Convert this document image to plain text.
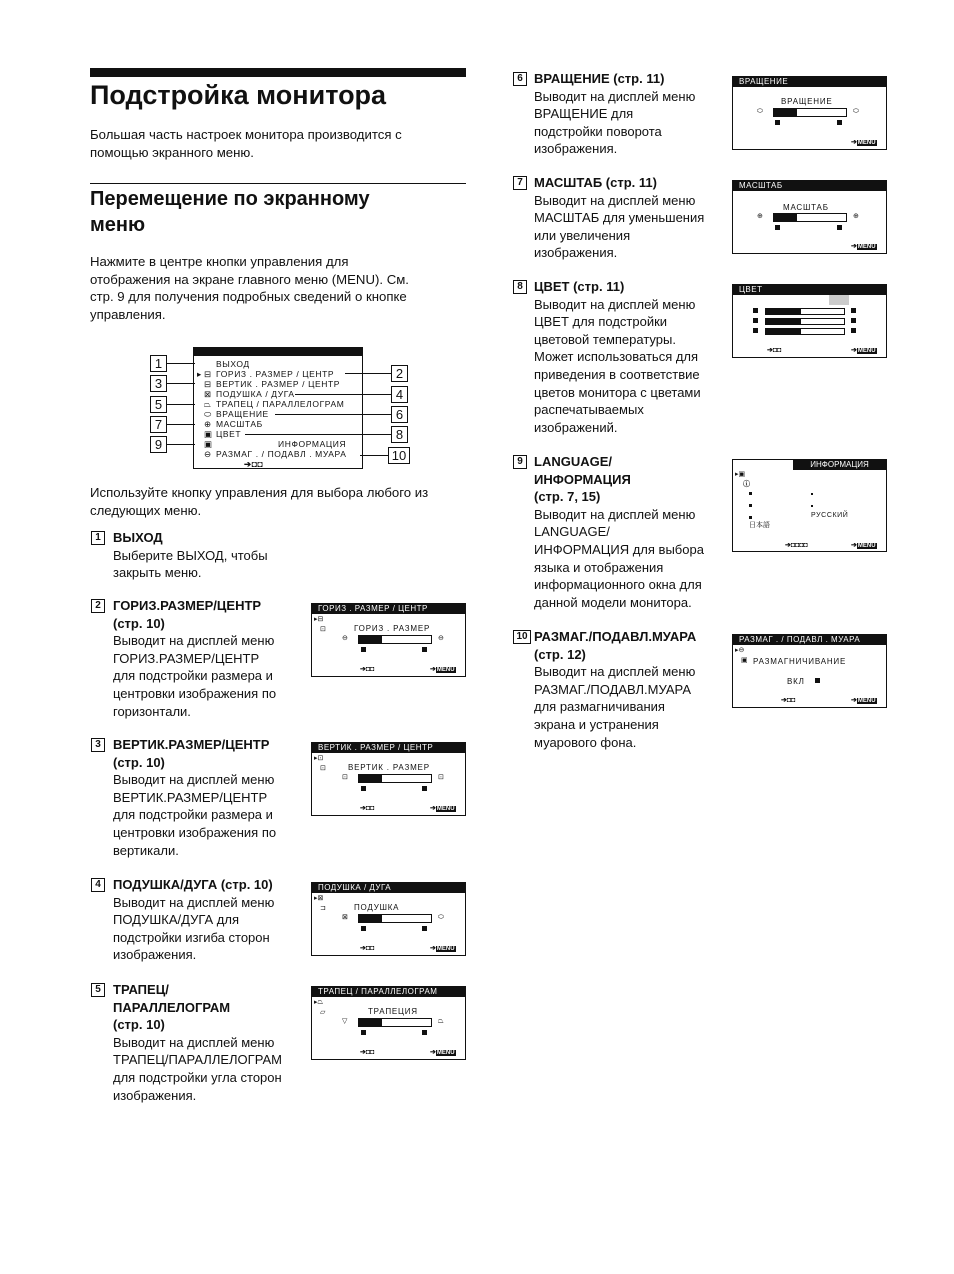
Подстройка монитора
Большая часть настроек монитора производится с помощью экранного меню.
Перемещение по экранному
меню
Нажмите в центре кнопки управления для
отображения на экране главного меню (MENU). См.
стр. 9 для получения подробных сведений о кнопке
управления.
ВЫХОД
ГОРИЗ . РАЗМЕР / ЦЕНТР
ВЕРТИК . РАЗМЕР / ЦЕНТР
ПОДУШКА / ДУГА
ТРАПЕЦ / ПАРАЛЛЕЛОГРАМ
ВРАЩЕНИЕ
МАСШТАБ
ЦВЕТ
ИНФОРМАЦИЯ
РАЗМАГ . / ПОДАВЛ . МУАРА
➔◘◘
▸ ⊟
⊟
⊠
⏢
⬭
⊕
▣
▣
⊖
1
3
5
7
9
2
4
6
8
10
Используйте кнопку управления для выбора любого из
следующих меню.
1 ВЫХОД
Выберите ВЫХОД, чтобы
закрыть меню.
2 ГОРИЗ.РАЗМЕР/ЦЕНТР
(стр. 10)
Выводит на дисплей меню
ГОРИЗ.РАЗМЕР/ЦЕНТР
для подстройки размера и
центровки изображения по
горизонтали.
ГОРИЗ . РАЗМЕР / ЦЕНТР
▸⊟
⊡	ГОРИЗ . РАЗМЕР
⊖	⊖
➔◘◘	➔MENU
3 ВЕРТИК.РАЗМЕР/ЦЕНТР
(стр. 10)
Выводит на дисплей меню
ВЕРТИК.РАЗМЕР/ЦЕНТР
для подстройки размера и
центровки изображения по
вертикали.
ВЕРТИК . РАЗМЕР / ЦЕНТР
▸⊡
⊡	ВЕРТИК . РАЗМЕР
⊡	⊡
➔◘◘	➔MENU
4 ПОДУШКА/ДУГА (стр. 10)
Выводит на дисплей меню
ПОДУШКА/ДУГА для
подстройки изгиба сторон
изображения.
ПОДУШКА / ДУГА
▸⊠
⊐	ПОДУШКА
⊠	⬭
➔◘◘	➔MENU
5 ТРАПЕЦ/
ПАРАЛЛЕЛОГРАМ
(стр. 10)
Выводит на дисплей меню
ТРАПЕЦ/ПАРАЛЛЕЛОГРАМ
для подстройки угла сторон
изображения.
ТРАПЕЦ / ПАРАЛЛЕЛОГРАМ
▸⏢
▱	ТРАПЕЦИЯ
▽	⏢
➔◘◘	➔MENU
6 ВРАЩЕНИЕ (стр. 11)
Выводит на дисплей меню
ВРАЩЕНИЕ для
подстройки поворота
изображения.
ВРАЩЕНИЕ
ВРАЩЕНИЕ
⬭	⬭
➔MENU
7 МАСШТАБ (стр. 11)
Выводит на дисплей меню
МАСШТАБ для уменьшения
или увеличения
изображения.
МАСШТАБ
МАСШТАБ
⊕	⊕
➔MENU
8 ЦВЕТ (стр. 11)
Выводит на дисплей меню
ЦВЕТ для подстройки
цветовой температуры.
Может использоваться для
приведения в соответствие
цветов монитора с цветами
распечатываемых
изображений.
ЦВЕТ
➔◘◘	➔MENU
9 LANGUAGE/
ИНФОРМАЦИЯ
(стр. 7, 15)
Выводит на дисплей меню
LANGUAGE/
ИНФОРМАЦИЯ для выбора
языка и отображения
информационного окна для
данной модели монитора.
ИНФОРМАЦИЯ
▸▣
ⓘ
РУССКИЙ
日本語
➔◘◘◘◘	➔MENU
10 РАЗМАГ./ПОДАВЛ.МУАРА
(стр. 12)
Выводит на дисплей меню
РАЗМАГ./ПОДАВЛ.МУАРА
для размагничивания
экрана и устранения
муарового фона.
РАЗМАГ . / ПОДАВЛ . МУАРА
▸⊖
▣ РАЗМАГНИЧИВАНИЕ
ВКЛ
➔◘◘	➔MENU
